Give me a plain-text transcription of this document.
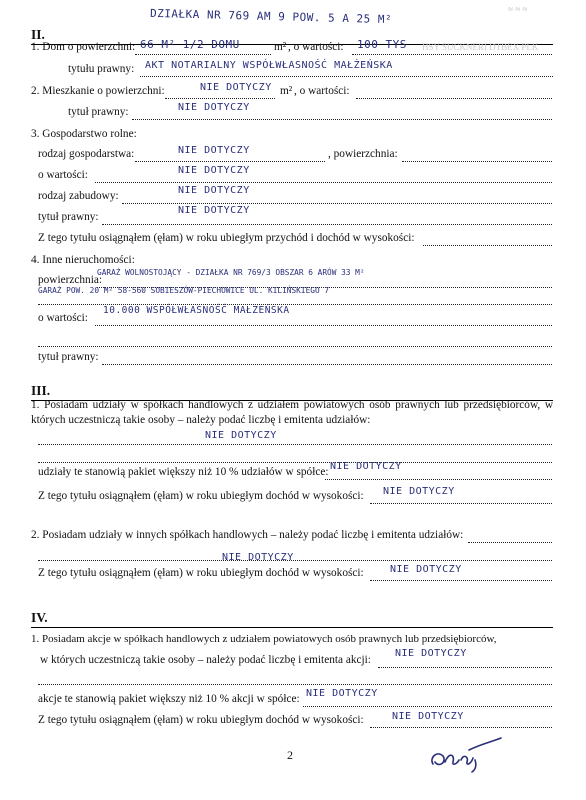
DZIAŁKA NR 769 AM 9 POW. 5 A 25 M²	≈ ≈ ≈
II.
1. Dom o powierzchni: 66 M² 1/2 DOMU	m² , o wartości: 100 TYS HSY SUCKNERI DTBEX PLK
tytułu prawny: AKT NOTARIALNY WSPÓŁWŁASNOŚĆ MAŁŻEŃSKA
2. Mieszkanie o powierzchni:	NIE DOTYCZY m² , o wartości:
tytuł prawny:	NIE DOTYCZY
3. Gospodarstwo rolne:
rodzaj gospodarstwa:	NIE DOTYCZY	, powierzchnia:
o wartości:	NIE DOTYCZY
rodzaj zabudowy:	NIE DOTYCZY
tytuł prawny:
NIE DOTYCZY
Z tego tytułu osiągnąłem (ęłam) w roku ubiegłym przychód i dochód w wysokości:
4. Inne nieruchomości:
powierzchnia:
GARAŻ WOLNOSTOJĄCY - DZIAŁKA NR 769/3 OBSZAR 6 ARÓW 33 M²
GARAŻ POW. 20 M² 58-560 SOBIESZÓW-PIECHOWICE UL. KILIŃSKIEGO 7
o wartości:
10.000 WSPÓŁWŁASNOŚĆ MAŁŻEŃSKA
tytuł prawny:
III.
1. Posiadam udziały w spółkach handlowych z udziałem powiatowych osób prawnych lub przedsiębiorców, w których uczestniczą takie osoby – należy podać liczbę i emitenta udziałów:
NIE DOTYCZY
udziały te stanowią pakiet większy niż 10 % udziałów w spółce: NIE DOTYCZY
Z tego tytułu osiągnąłem (ęłam) w roku ubiegłym dochód w wysokości: NIE DOTYCZY
2. Posiadam udziały w innych spółkach handlowych – należy podać liczbę i emitenta udziałów:
NIE DOTYCZY
Z tego tytułu osiągnąłem (ęłam) w roku ubiegłym dochód w wysokości:	NIE DOTYCZY
IV.
1. Posiadam akcje w spółkach handlowych z udziałem powiatowych osób prawnych lub przedsiębiorców,
w których uczestniczą takie osoby – należy podać liczbę i emitenta akcji:
NIE DOTYCZY
akcje te stanowią pakiet większy niż 10 % akcji w spółce: NIE DOTYCZY
Z tego tytułu osiągnąłem (ęłam) w roku ubiegłym dochód w wysokości:	NIE DOTYCZY
2
